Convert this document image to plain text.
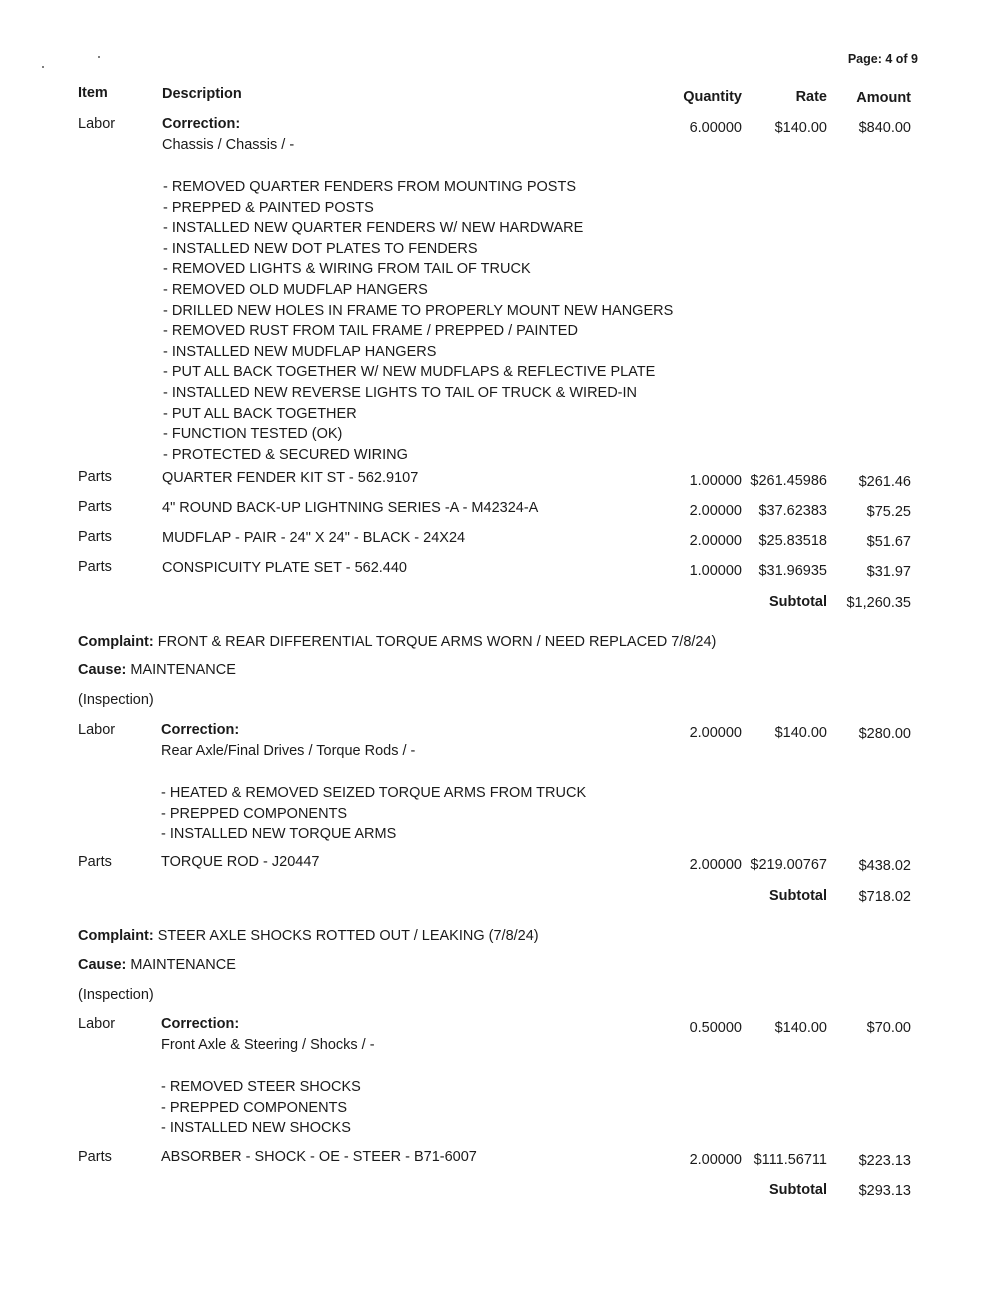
Page: 4 of 9
Item	Description	Quantity	Rate	Amount
Labor	Correction:
Chassis / Chassis / -
6.00000	$140.00	$840.00
- REMOVED QUARTER FENDERS FROM MOUNTING POSTS
- PREPPED & PAINTED POSTS
- INSTALLED NEW QUARTER FENDERS W/ NEW HARDWARE
- INSTALLED NEW DOT PLATES TO FENDERS
- REMOVED LIGHTS & WIRING FROM TAIL OF TRUCK
- REMOVED OLD MUDFLAP HANGERS
- DRILLED NEW HOLES IN FRAME TO PROPERLY MOUNT NEW HANGERS
- REMOVED RUST FROM TAIL FRAME / PREPPED / PAINTED
- INSTALLED NEW MUDFLAP HANGERS
- PUT ALL BACK TOGETHER W/ NEW MUDFLAPS & REFLECTIVE PLATE
- INSTALLED NEW REVERSE LIGHTS TO TAIL OF TRUCK & WIRED-IN
- PUT ALL BACK TOGETHER
- FUNCTION TESTED (OK)
- PROTECTED & SECURED WIRING
Parts	QUARTER FENDER KIT ST - 562.9107	1.00000 $261.45986	$261.46
Parts	4" ROUND BACK-UP LIGHTNING SERIES -A - M42324-A	2.00000	$37.62383	$75.25
Parts	MUDFLAP - PAIR - 24" X 24" - BLACK - 24X24	2.00000	$25.83518	$51.67
Parts	CONSPICUITY PLATE SET - 562.440	1.00000	$31.96935	$31.97
Subtotal	$1,260.35
Complaint: FRONT & REAR DIFFERENTIAL TORQUE ARMS WORN / NEED REPLACED 7/8/24)
Cause: MAINTENANCE
(Inspection)
Labor	Correction:
Rear Axle/Final Drives / Torque Rods / -
2.00000	$140.00	$280.00
- HEATED & REMOVED SEIZED TORQUE ARMS FROM TRUCK
- PREPPED COMPONENTS
- INSTALLED NEW TORQUE ARMS
Parts	TORQUE ROD - J20447	2.00000 $219.00767	$438.02
Subtotal	$718.02
Complaint: STEER AXLE SHOCKS ROTTED OUT / LEAKING (7/8/24)
Cause: MAINTENANCE
(Inspection)
Labor	Correction:
Front Axle & Steering / Shocks / -
0.50000	$140.00	$70.00
- REMOVED STEER SHOCKS
- PREPPED COMPONENTS
- INSTALLED NEW SHOCKS
Parts	ABSORBER - SHOCK - OE - STEER - B71-6007	2.00000 $111.56711	$223.13
Subtotal	$293.13
